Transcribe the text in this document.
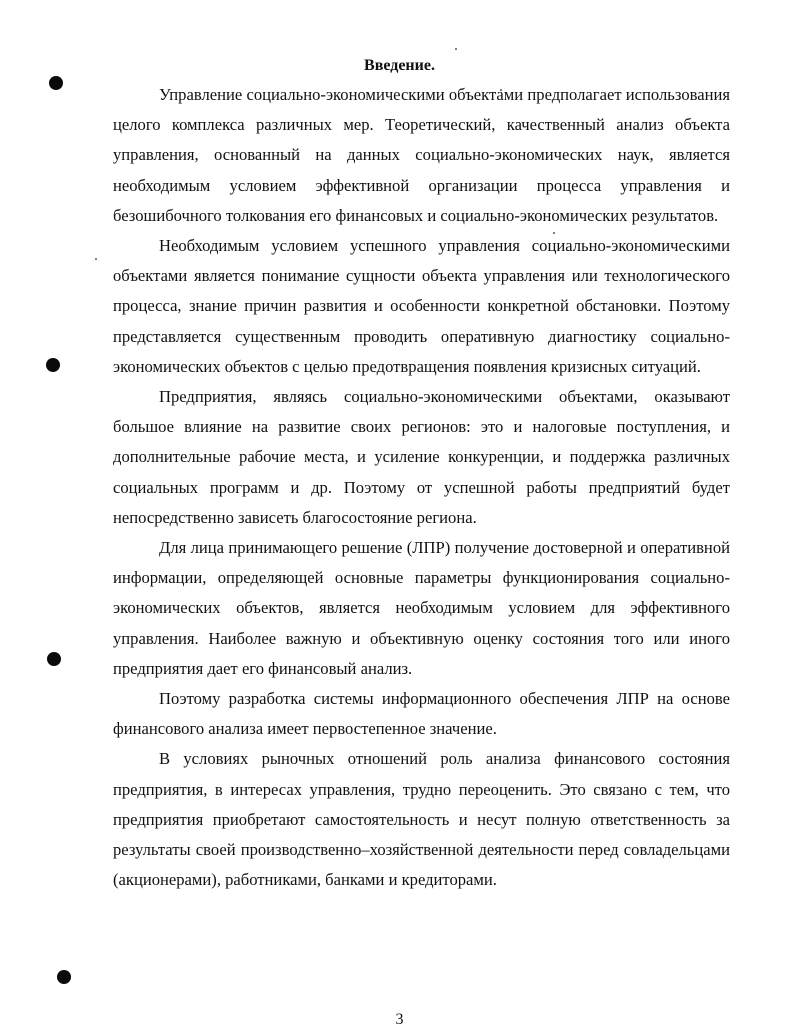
Введение.

Управление социально-экономическими объектами предполагает использования целого комплекса различных мер. Теоретический, качественный анализ объекта управления, основанный на данных социально-экономических наук, является необходимым условием эффективной организации процесса управления и безошибочного толкования его финансовых и социально-экономических результатов.

Необходимым условием успешного управления социально-экономическими объектами является понимание сущности объекта управления или технологического процесса, знание причин развития и особенности конкретной обстановки. Поэтому представляется существенным проводить оперативную диагностику социально-экономических объектов с целью предотвращения появления кризисных ситуаций.

Предприятия, являясь социально-экономическими объектами, оказывают большое влияние на развитие своих регионов: это и налоговые поступления, и дополнительные рабочие места, и усиление конкуренции, и поддержка различных социальных программ и др. Поэтому от успешной работы предприятий будет непосредственно зависеть благосостояние региона.

Для лица принимающего решение (ЛПР) получение достоверной и оперативной информации, определяющей основные параметры функционирования социально-экономических объектов, является необходимым условием для эффективного управления. Наиболее важную и объективную оценку состояния того или иного предприятия дает его финансовый анализ.

Поэтому разработка системы информационного обеспечения ЛПР на основе финансового анализа имеет первостепенное значение.

В условиях рыночных отношений роль анализа финансового состояния предприятия, в интересах управления, трудно переоценить. Это связано с тем, что предприятия приобретают самостоятельность и несут полную ответственность за результаты своей производственно–хозяйственной деятельности перед совладельцами (акционерами), работниками, банками и кредиторами.

3
